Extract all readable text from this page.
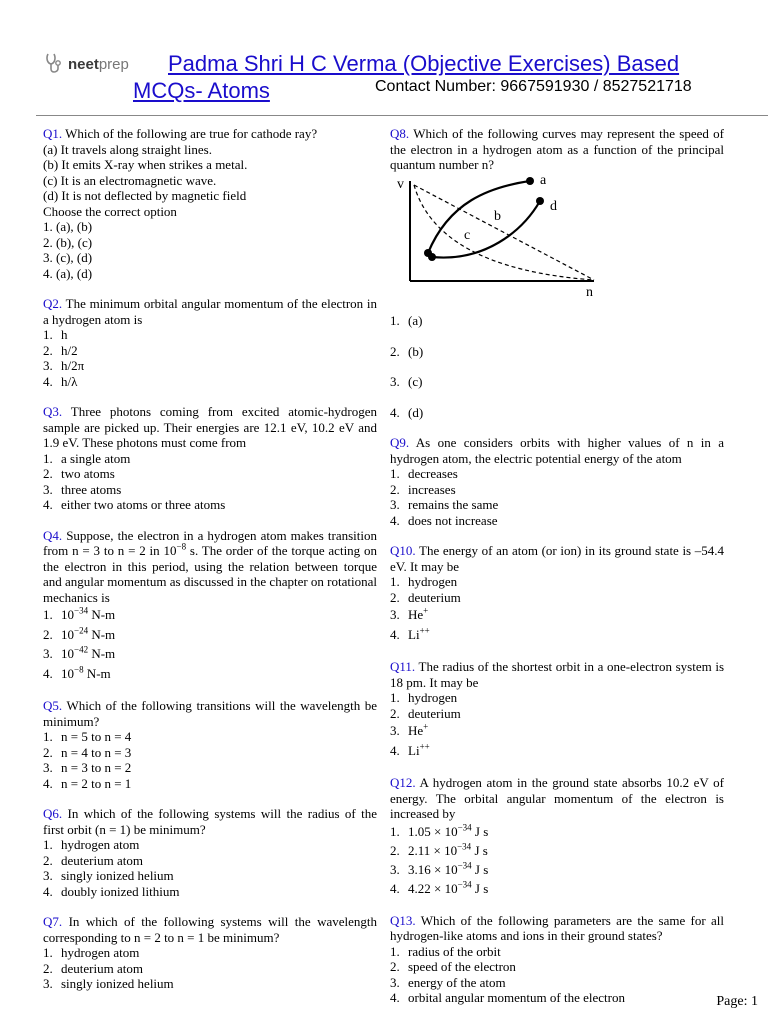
neet prep Padma Shri H C Verma (Objective Exercises) Based
MCQs- Atoms	Contact Number: 9667591930 / 8527521718
Q1. Which of the following are true for cathode ray?
(a) It travels along straight lines.
(b) It emits X-ray when strikes a metal.
(c) It is an electromagnetic wave.
(d) It is not deflected by magnetic field
Choose the correct option
1. (a), (b)
2. (b), (c)
3. (c), (d)
4. (a), (d)
Q2. The minimum orbital angular momentum of the electron in a hydrogen atom is
1. h
2. h/2
3. h/2π
4. h/λ
Q3. Three photons coming from excited atomic-hydrogen sample are picked up. Their energies are 12.1 eV, 10.2 eV and 1.9 eV. These photons must come from
1. a single atom
2. two atoms
3. three atoms
4. either two atoms or three atoms
Q4. Suppose, the electron in a hydrogen atom makes transition from n = 3 to n = 2 in $10^{-8}$ s. The order of the torque acting on the electron in this period, using the relation between torque and angular momentum as discussed in the chapter on rotational mechanics is
1. $10^{-34}$ N-m
2. $10^{-24}$ N-m
3. $10^{-42}$ N-m
4. $10^{-8}$ N-m
Q5. Which of the following transitions will the wavelength be minimum?
1. n = 5 to n = 4
2. n = 4 to n = 3
3. n = 3 to n = 2
4. n = 2 to n = 1
Q6. In which of the following systems will the radius of the first orbit (n = 1) be minimum?
1. hydrogen atom
2. deuterium atom
3. singly ionized helium
4. doubly ionized lithium
Q7. In which of the following systems will the wavelength corresponding to n = 2 to n = 1 be minimum?
1. hydrogen atom
2. deuterium atom
3. singly ionized helium
Q8. Which of the following curves may represent the speed of the electron in a hydrogen atom as a function of the principal quantum number n?
v
n
a
b
c
d
1. (a)
2. (b)
3. (c)
4. (d)
Q9. As one considers orbits with higher values of n in a hydrogen atom, the electric potential energy of the atom
1. decreases
2. increases
3. remains the same
4. does not increase
Q10. The energy of an atom (or ion) in its ground state is –54.4 eV. It may be
1. hydrogen
2. deuterium
3. He+
4. Li++
Q11. The radius of the shortest orbit in a one-electron system is 18 pm. It may be
1. hydrogen
2. deuterium
3. He+
4. Li++
Q12. A hydrogen atom in the ground state absorbs 10.2 eV of energy. The orbital angular momentum of the electron is increased by
1. $1.05 \times 10^{-34}$ J s
2. $2.11 \times 10^{-34}$ J s
3. $3.16 \times 10^{-34}$ J s
4. $4.22 \times 10^{-34}$ J s
Q13. Which of the following parameters are the same for all hydrogen-like atoms and ions in their ground states?
1. radius of the orbit
2. speed of the electron
3. energy of the atom
4. orbital angular momentum of the electron	Page: 1
